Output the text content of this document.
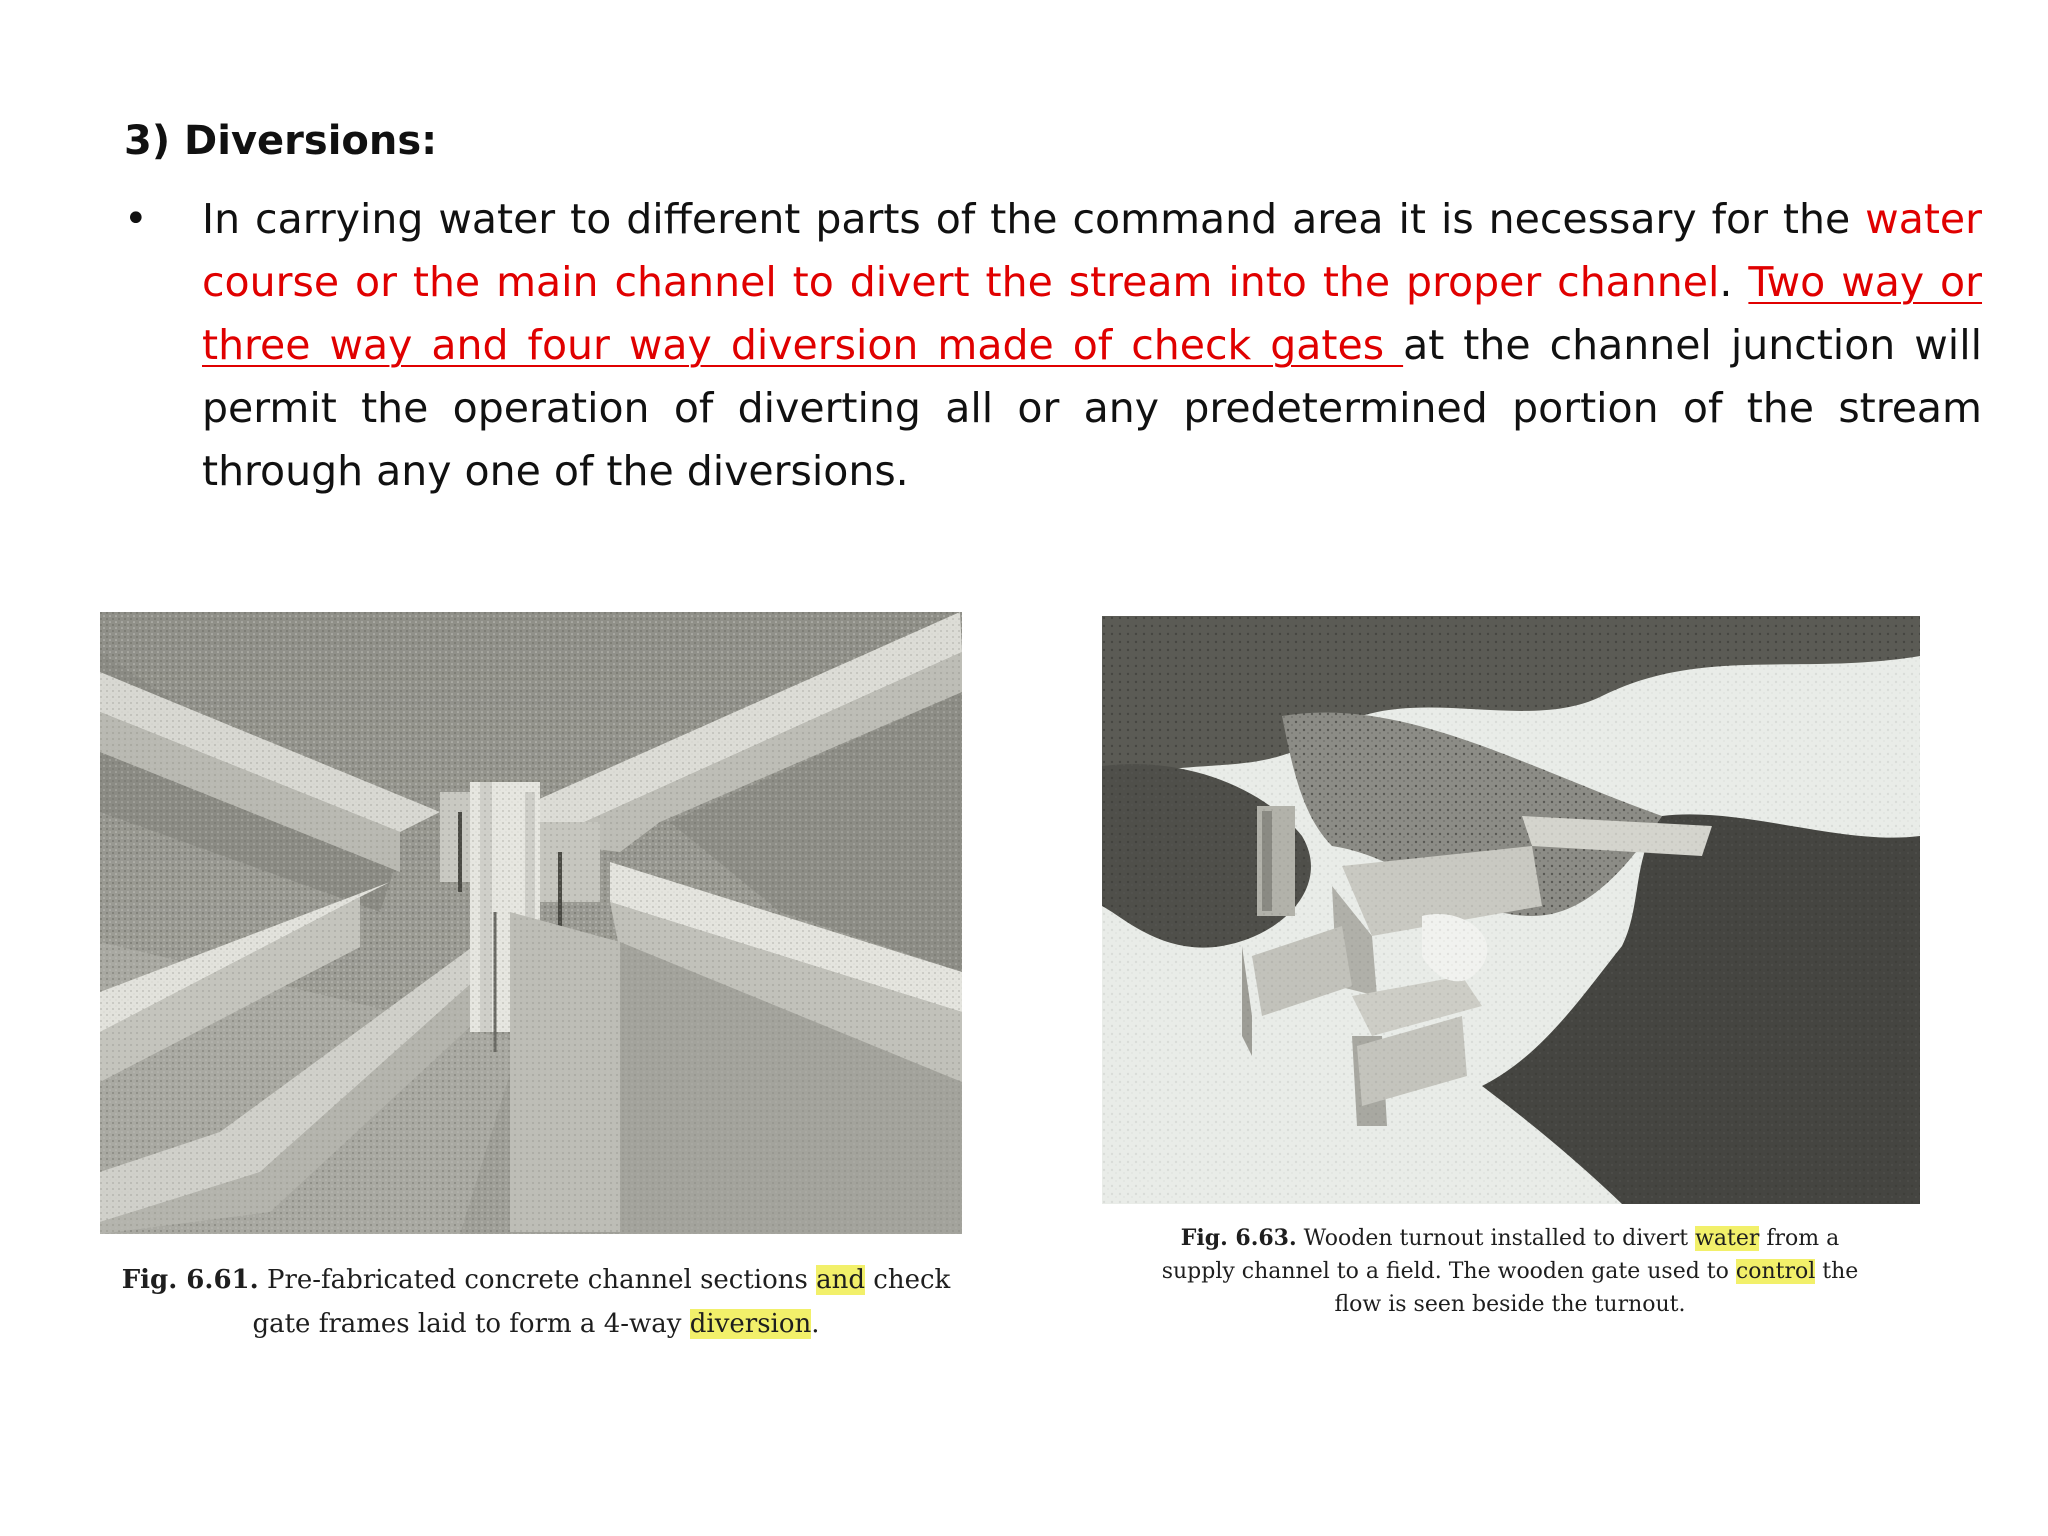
3) Diversions:
• In carrying water to different parts of the command area it is necessary for the water course or the main channel to divert the stream into the proper channel. Two way or three way and four way diversion made of check gates at the channel junction will permit the operation of diverting all or any predetermined portion of the stream through any one of the diversions.
Fig. 6.61. Pre-fabricated concrete channel sections and check gate frames laid to form a 4-way diversion.
Fig. 6.63. Wooden turnout installed to divert water from a supply channel to a field. The wooden gate used to control the flow is seen beside the turnout.
